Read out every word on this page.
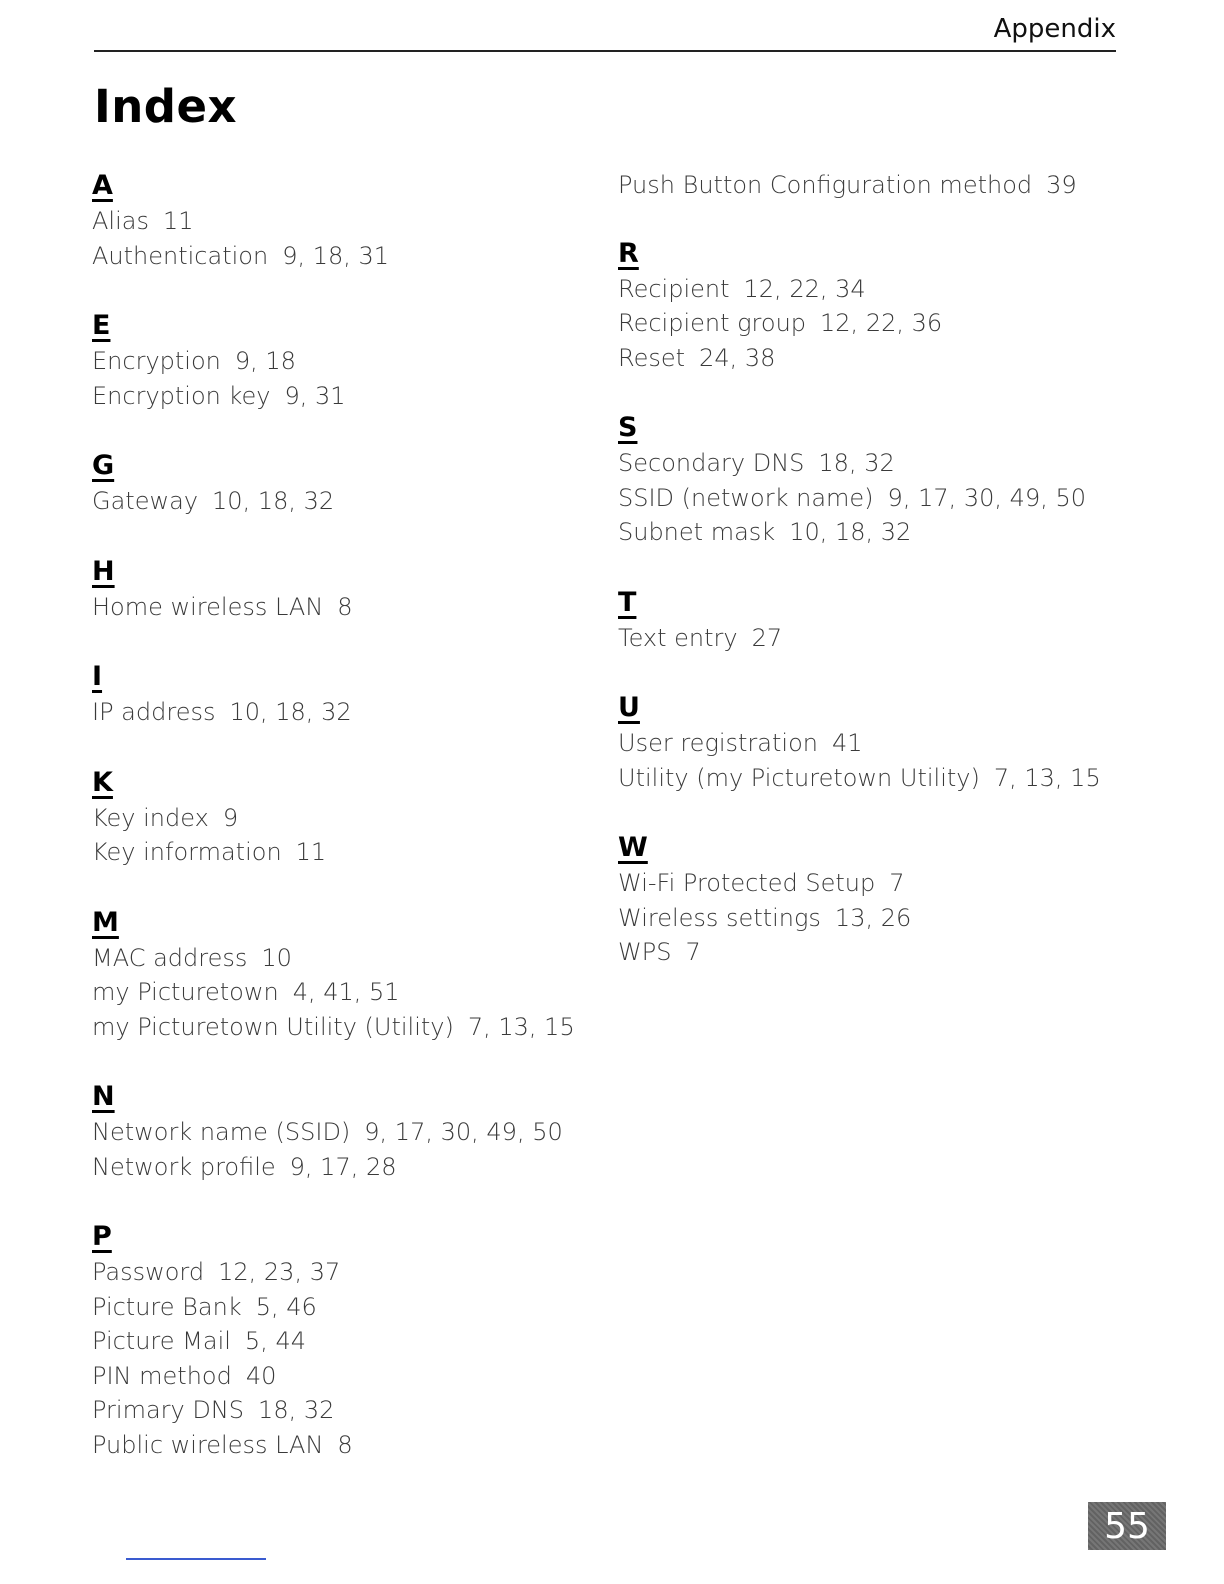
Appendix
Index
A
Alias 11
Authentication 9, 18, 31
E
Encryption 9, 18
Encryption key 9, 31
G
Gateway 10, 18, 32
H
Home wireless LAN 8
I
IP address 10, 18, 32
K
Key index 9
Key information 11
M
MAC address 10
my Picturetown 4, 41, 51
my Picturetown Utility (Utility) 7, 13, 15
N
Network name (SSID) 9, 17, 30, 49, 50
Network profile 9, 17, 28
P
Password 12, 23, 37
Picture Bank 5, 46
Picture Mail 5, 44
PIN method 40
Primary DNS 18, 32
Public wireless LAN 8
Push Button Configuration method 39
R
Recipient 12, 22, 34
Recipient group 12, 22, 36
Reset 24, 38
S
Secondary DNS 18, 32
SSID (network name) 9, 17, 30, 49, 50
Subnet mask 10, 18, 32
T
Text entry 27
U
User registration 41
Utility (my Picturetown Utility) 7, 13, 15
W
Wi-Fi Protected Setup 7
Wireless settings 13, 26
WPS 7
55
